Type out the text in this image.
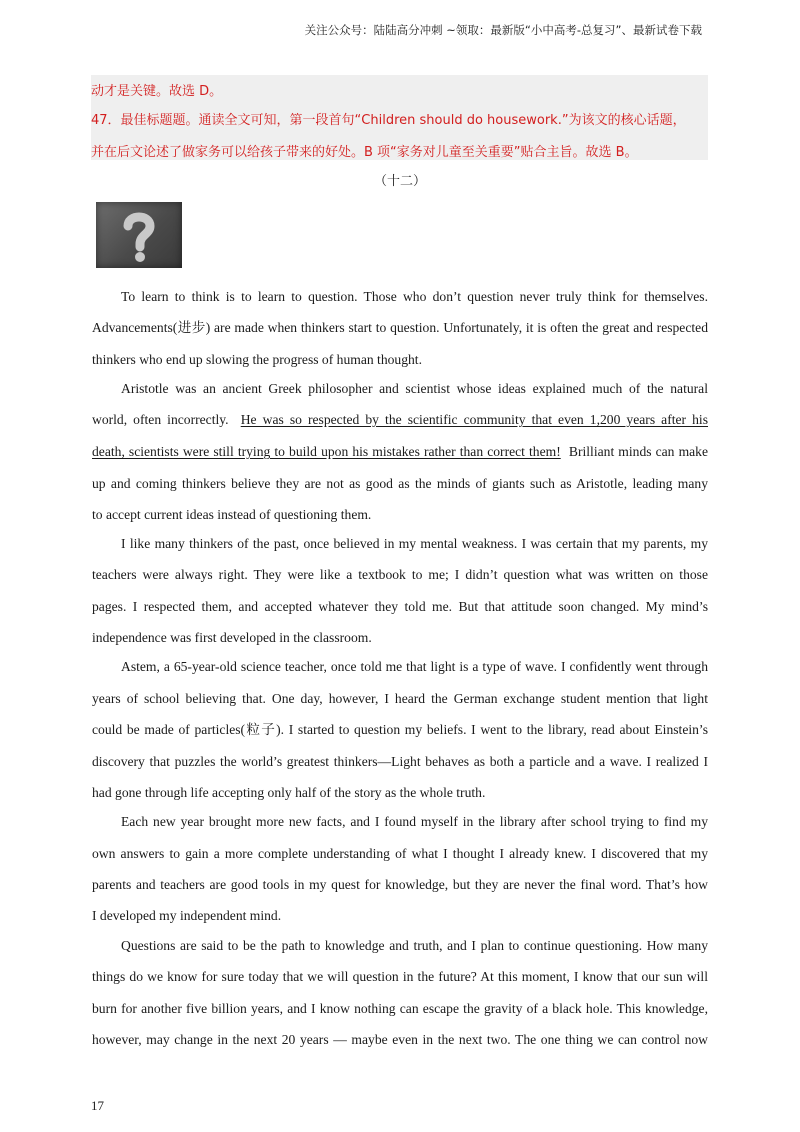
关注公众号：陆陆高分冲刺 ~领取：最新版“小中高考-总复习”、最新试卷下载
动才是关键。故选 D。
47．最佳标题题。通读全文可知，第一段首句“Children should do housework.”为该文的核心话题，
并在后文论述了做家务可以给孩子带来的好处。B 项“家务对儿童至关重要”贴合主旨。故选 B。
（十二）
To learn to think is to learn to question. Those who don’t question never truly think for themselves.
Advancements(进步) are made when thinkers start to question. Unfortunately, it is often the great and respected
thinkers who end up slowing the progress of human thought.
Aristotle was an ancient Greek philosopher and scientist whose ideas explained much of the natural
world, often incorrectly. He was so respected by the scientific community that even 1,200 years after his
death, scientists were still trying to build upon his mistakes rather than correct them! Brilliant minds can make
up and coming thinkers believe they are not as good as the minds of giants such as Aristotle, leading many
to accept current ideas instead of questioning them.
I like many thinkers of the past, once believed in my mental weakness. I was certain that my parents, my
teachers were always right. They were like a textbook to me; I didn’t question what was written on those
pages. I respected them, and accepted whatever they told me. But that attitude soon changed. My mind’s
independence was first developed in the classroom.
Astem, a 65-year-old science teacher, once told me that light is a type of wave. I confidently went through
years of school believing that. One day, however, I heard the German exchange student mention that light
could be made of particles(粒子). I started to question my beliefs. I went to the library, read about Einstein’s
discovery that puzzles the world’s greatest thinkers—Light behaves as both a particle and a wave. I realized I
had gone through life accepting only half of the story as the whole truth.
Each new year brought more new facts, and I found myself in the library after school trying to find my
own answers to gain a more complete understanding of what I thought I already knew. I discovered that my
parents and teachers are good tools in my quest for knowledge, but they are never the final word. That’s how
I developed my independent mind.
Questions are said to be the path to knowledge and truth, and I plan to continue questioning. How many
things do we know for sure today that we will question in the future? At this moment, I know that our sun will
burn for another five billion years, and I know nothing can escape the gravity of a black hole. This knowledge,
however, may change in the next 20 years — maybe even in the next two. The one thing we can control now
17
